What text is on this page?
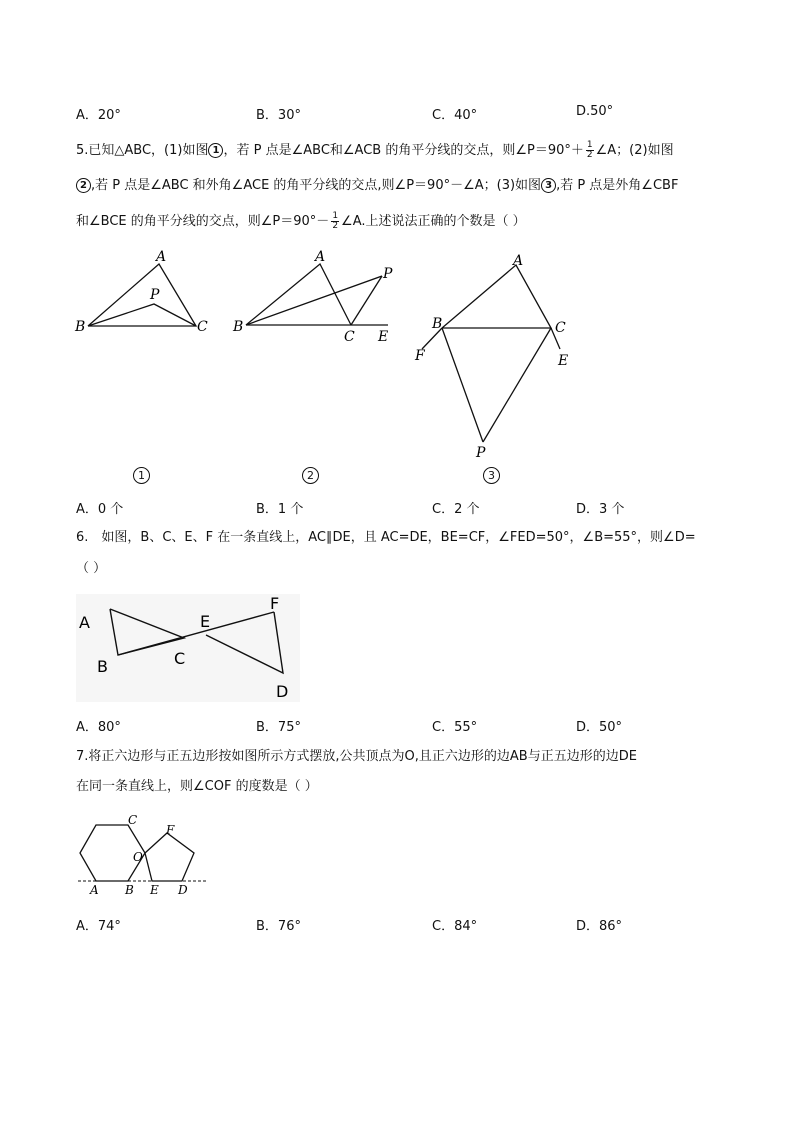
A．20°	B．30°	C．40°	D.50°
5.已知△ABC，(1)如图 1 ，若 P 点是∠ABC和∠ACB 的角平分线的交点，则∠P＝90°＋ $\frac{1}{2}$ ∠A；(2)如图
2 ,若 P 点是∠ABC 和外角∠ACE 的角平分线的交点,则∠P＝90°－∠A；(3)如图 3 ,若 P 点是外角∠CBF
和∠BCE 的角平分线的交点，则∠P＝90°－ $\frac{1}{2}$ ∠A.上述说法正确的个数是（ ）
A
P
B	C
A
P
B
C E
A
B	C
F	E
P
1	2	3
A．0 个	B．1 个	C．2 个	D．3 个
6.　如图，B、C、E、F 在一条直线上，AC∥DE，且 AC=DE，BE=CF，∠FED=50°，∠B=55°，则∠D=
（ ）
A
B	C
E
F
D
A．80°	B．75°	C．55°	D．50°
7.将正六边形与正五边形按如图所示方式摆放,公共顶点为O,且正六边形的边AB与正五边形的边DE
在同一条直线上，则∠COF 的度数是（ ）
C
F
O
A B E D
A．74°	B．76°	C．84°	D．86°
